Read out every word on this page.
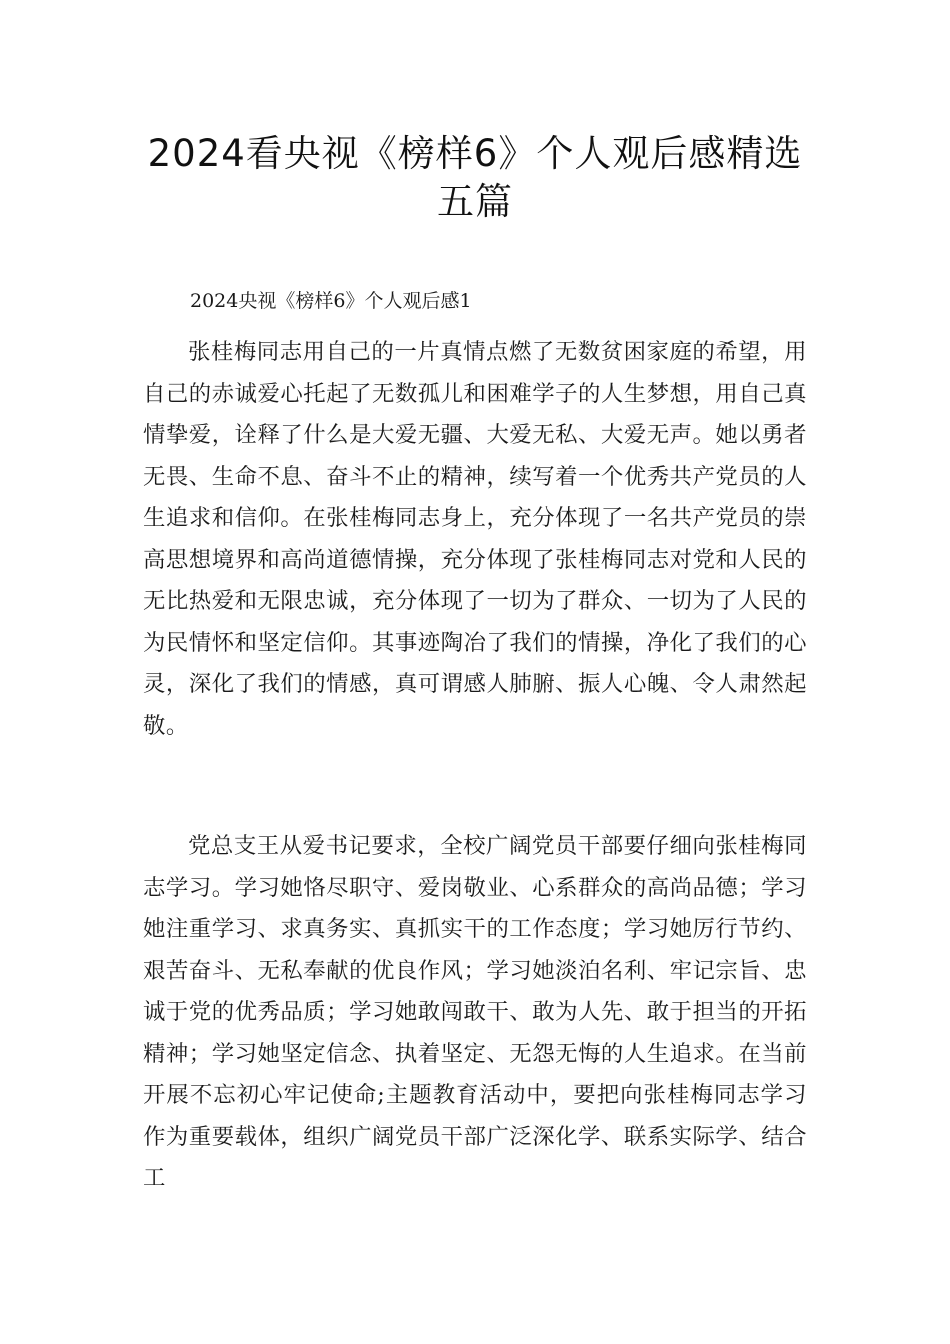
2024看央视《榜样6》个人观后感精选
五篇
2024央视《榜样6》个人观后感1

张桂梅同志用自己的一片真情点燃了无数贫困家庭的希望，用自己的赤诚爱心托起了无数孤儿和困难学子的人生梦想，用自己真情挚爱，诠释了什么是大爱无疆、大爱无私、大爱无声。她以勇者无畏、生命不息、奋斗不止的精神，续写着一个优秀共产党员的人生追求和信仰。在张桂梅同志身上，充分体现了一名共产党员的崇高思想境界和高尚道德情操，充分体现了张桂梅同志对党和人民的无比热爱和无限忠诚，充分体现了一切为了群众、一切为了人民的为民情怀和坚定信仰。其事迹陶冶了我们的情操，净化了我们的心灵，深化了我们的情感，真可谓感人肺腑、振人心魄、令人肃然起敬。

党总支王从爱书记要求，全校广阔党员干部要仔细向张桂梅同志学习。学习她恪尽职守、爱岗敬业、心系群众的高尚品德；学习她注重学习、求真务实、真抓实干的工作态度；学习她厉行节约、艰苦奋斗、无私奉献的优良作风；学习她淡泊名利、牢记宗旨、忠诚于党的优秀品质；学习她敢闯敢干、敢为人先、敢于担当的开拓精神；学习她坚定信念、执着坚定、无怨无悔的人生追求。在当前开展不忘初心牢记使命;主题教育活动中，要把向张桂梅同志学习作为重要载体，组织广阔党员干部广泛深化学、联系实际学、结合工
